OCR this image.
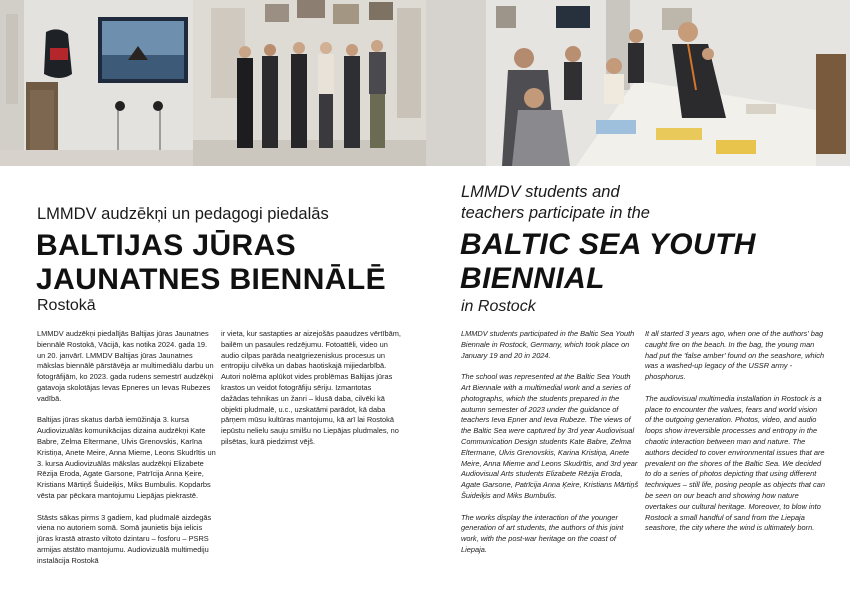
LMMDV audzēkņi un pedagogi piedalās
BALTIJAS JŪRAS
JAUNATNES BIENNĀLĒ
Rostokā
LMMDV students and
teachers participate in the
BALTIC SEA YOUTH
BIENNIAL
in Rostock

LMMDV audzēkņi piedalījās Baltijas jūras Jaunatnes biennālē Rostokā, Vācijā, kas notika 2024. gada 19. un 20. janvārī. LMMDV Baltijas jūras Jaunatnes mākslas biennālē pārstāvēja ar multimediālu darbu un fotogrāfijām, ko 2023. gada rudens semestrī audzēkņi gatavoja skolotājas Ievas Epneres un Ievas Rubezes vadībā.

Baltijas jūras skatus darbā iemūžināja 3. kursa Audiovizuālās komunikācijas dizaina audzēkņi Kate Babre, Zelma Eltermane, Ulvis Grenovskis, Karīna Kristiņa, Anete Meire, Anna Mieme, Leons Skudrītis un 3. kursa Audiovizuālās mākslas audzēkņi Elizabete Rēzija Eroda, Agate Garsone, Patrīcija Anna Ķeire, Kristians Mārtiņš Šuideiķis, Miks Bumbulis. Kopdarbs vēsta par pēckara mantojumu Liepājas piekrastē.

Stāsts sākas pirms 3 gadiem, kad pludmalē aizdegās viena no autoriem somā. Somā jaunietis bija ielicis jūras krastā atrasto viltoto dzintaru – fosforu – PSRS armijas atstāto mantojumu. Audiovizuālā multimediju instalācija Rostokā

ir vieta, kur sastapties ar aizejošās paaudzes vērtībām, bailēm un pasaules redzējumu. Fotoattēli, video un audio cilpas parāda neatgriezeniskus procesus un entropiju cilvēka un dabas haotiskajā mijiedarbībā. Autori nolēma aplūkot vides problēmas Baltijas jūras krastos un veidot fotogrāfiju sēriju. Izmantotas dažādas tehnikas un žanri – klusā daba, cilvēki kā objekti pludmalē, u.c., uzskatāmi parādot, kā daba pārņem mūsu kultūras mantojumu, kā arī lai Rostokā iepūstu nelielu sauju smilšu no Liepājas pludmales, no pilsētas, kurā piedzimst vējš.

LMMDV students participated in the Baltic Sea Youth Biennale in Rostock, Germany, which took place on January 19 and 20 in 2024.

The school was represented at the Baltic Sea Youth Art Biennale with a multimedial work and a series of photographs, which the students prepared in the autumn semester of 2023 under the guidance of teachers Ieva Epner and Ieva Rubeze. The views of the Baltic Sea were captured by 3rd year Audiovisual Communication Design students Kate Babre, Zelma Eltermane, Ulvis Grenovskis, Karina Kristiņa, Anete Meire, Anna Mieme and Leons Skudrītis, and 3rd year Audiovisual Arts students Elizabete Rēzija Eroda, Agate Garsone, Patrīcija Anna Ķeire, Kristians Mārtiņš Šuideiķis and Miks Bumbulis.

The works display the interaction of the younger generation of art students, the authors of this joint work, with the post-war heritage on the coast of Liepaja.

It all started 3 years ago, when one of the authors' bag caught fire on the beach. In the bag, the young man had put the 'false amber' found on the seashore, which was a washed-up legacy of the USSR army - phosphorus.

The audiovisual multimedia installation in Rostock is a place to encounter the values, fears and world vision of the outgoing generation. Photos, video, and audio loops show irreversible processes and entropy in the chaotic interaction between man and nature. The authors decided to cover environmental issues that are prevalent on the shores of the Baltic Sea. We decided to do a series of photos depicting that using different techniques – still life, posing people as objects that can be seen on our beach and showing how nature overtakes our cultural heritage. Moreover, to blow into Rostock a small handful of sand from the Liepaja seashore, the city where the wind is ultimately born.
